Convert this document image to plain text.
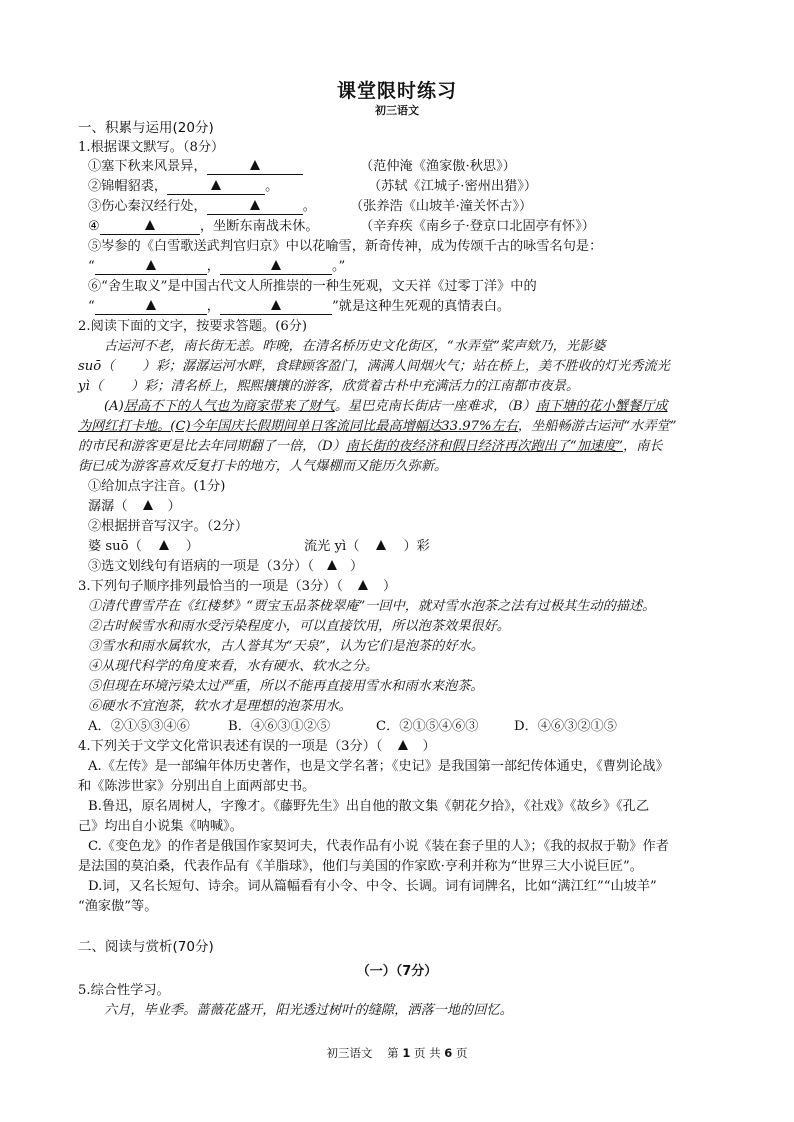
课堂限时练习
初三语文
一、积累与运用(20分)
1.根据课文默写。（8分）
①塞下秋来风景异，	（范仲淹《渔家傲·秋思》）
②锦帽貂裘，	。	（苏轼《江城子·密州出猎》）
③伤心秦汉经行处，	。	（张养浩《山坡羊·潼关怀古》）
④	，坐断东南战未休。	（辛弃疾《南乡子·登京口北固亭有怀》）
⑤岑参的《白雪歌送武判官归京》中以花喻雪，新奇传神，成为传颂千古的咏雪名句是：
“	，	。”
⑥“舍生取义”是中国古代文人所推崇的一种生死观，文天祥《过零丁洋》中的
“	，	”就是这种生死观的真情表白。
2.阅读下面的文字，按要求答题。(6分)
古运河不老，南长街无恙。昨晚，在清名桥历史文化街区，“水弄堂”桨声欸乃，光影婆
suō（ ）彩；潺潺运河水畔，食肆顾客盈门，满满人间烟火气；站在桥上，美不胜收的灯光秀流光
yì（ ）彩；清名桥上，熙熙攘攘的游客，欣赏着古朴中充满活力的江南都市夜景。
(A)居高不下的人气也为商家带来了财气。星巴克南长街店一座难求，（B）南下塘的花小蟹餐厅成
为网红打卡地。(C)今年国庆长假期间单日客流同比最高增幅达33.97%左右，坐船畅游古运河“水弄堂”
的市民和游客更是比去年同期翻了一倍，（D）南长街的夜经济和假日经济再次跑出了“加速度”，南长
街已成为游客喜欢反复打卡的地方，人气爆棚而又能历久弥新。
①给加点字注音。(1分)
潺潺（	）
②根据拼音写汉字。（2分）
婆 suō（	）	流光 yì（	）彩
③选文划线句有语病的一项是（3分）（	）
3.下列句子顺序排列最恰当的一项是（3分）（	）
①清代曹雪芹在《红楼梦》“贾宝玉品茶栊翠庵”一回中，就对雪水泡茶之法有过极其生动的描述。
②古时候雪水和雨水受污染程度小，可以直接饮用，所以泡茶效果很好。
③雪水和雨水属软水，古人誉其为“天泉”，认为它们是泡茶的好水。
④从现代科学的角度来看，水有硬水、软水之分。
⑤但现在环境污染太过严重，所以不能再直接用雪水和雨水来泡茶。
⑥硬水不宜泡茶，软水才是理想的泡茶用水。
A．②①⑤③④⑥	B．④⑥③①②⑤	C．②①⑤④⑥③	D．④⑥③②①⑤
4.下列关于文学文化常识表述有误的一项是（3分）（	）
A.《左传》是一部编年体历史著作，也是文学名著；《史记》是我国第一部纪传体通史，《曹刿论战》
和《陈涉世家》分别出自上面两部史书。
B.鲁迅，原名周树人，字豫才。《藤野先生》出自他的散文集《朝花夕拾》，《社戏》《故乡》《孔乙
己》均出自小说集《呐喊》。
C.《变色龙》的作者是俄国作家契诃夫，代表作品有小说《装在套子里的人》；《我的叔叔于勒》作者
是法国的莫泊桑，代表作品有《羊脂球》，他们与美国的作家欧·亨利并称为“世界三大小说巨匠”。
D.词，又名长短句、诗余。词从篇幅看有小令、中令、长调。词有词牌名，比如“满江红”“山坡羊”
“渔家傲”等。
二、阅读与赏析(70分)
（一）（7分）
5.综合性学习。
六月，毕业季。蔷薇花盛开，阳光透过树叶的缝隙，洒落一地的回忆。
初三语文 第 1 页 共 6 页
